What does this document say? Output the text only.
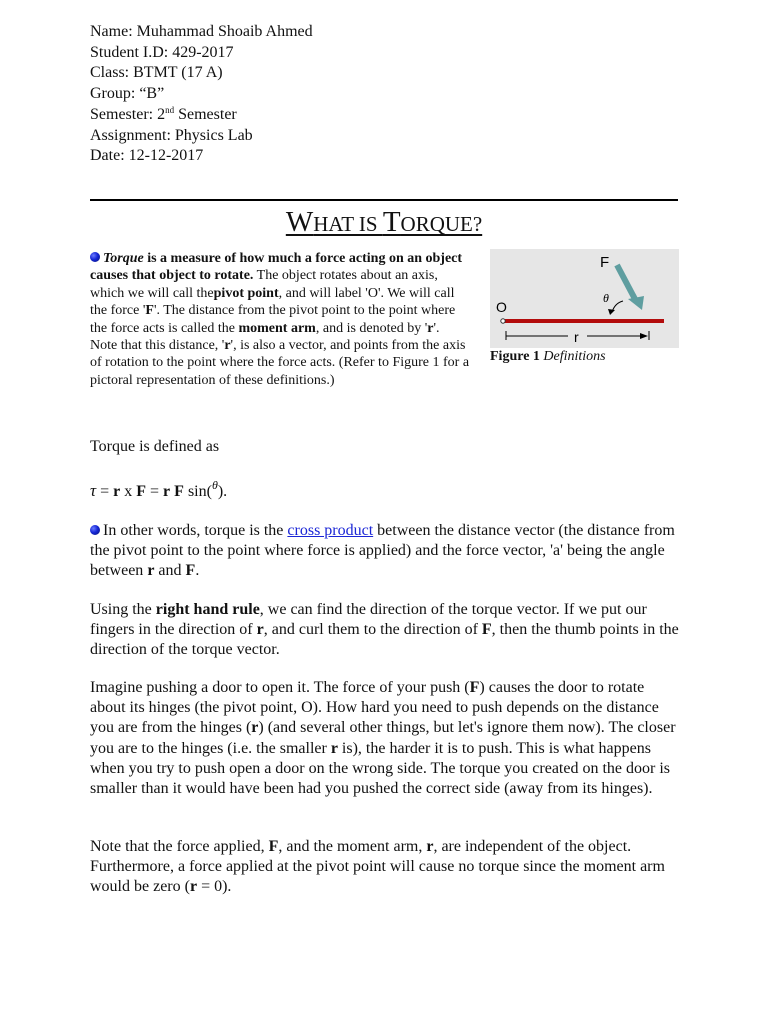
Name: Muhammad Shoaib Ahmed
Student I.D: 429-2017
Class: BTMT (17 A)
Group: “B”
Semester: 2nd Semester
Assignment: Physics Lab
Date: 12-12-2017
WHAT IS TORQUE?
Torque is a measure of how much a force acting on an object causes that object to rotate. The object rotates about an axis, which we will call thepivot point, and will label 'O'. We will call the force 'F'. The distance from the pivot point to the point where the force acts is called the moment arm, and is denoted by 'r'. Note that this distance, 'r', is also a vector, and points from the axis of rotation to the point where the force acts. (Refer to Figure 1 for a pictoral representation of these definitions.)
O
F
θ
r
Figure 1 Definitions
Torque is defined as
τ = r x F = r F sin($^\theta$).
In other words, torque is the cross product between the distance vector (the distance from the pivot point to the point where force is applied) and the force vector, 'a' being the angle between r and F.
Using the right hand rule, we can find the direction of the torque vector. If we put our fingers in the direction of r, and curl them to the direction of F, then the thumb points in the direction of the torque vector.
Imagine pushing a door to open it. The force of your push (F) causes the door to rotate about its hinges (the pivot point, O). How hard you need to push depends on the distance you are from the hinges (r) (and several other things, but let's ignore them now). The closer you are to the hinges (i.e. the smaller r is), the harder it is to push. This is what happens when you try to push open a door on the wrong side. The torque you created on the door is smaller than it would have been had you pushed the correct side (away from its hinges).
Note that the force applied, F, and the moment arm, r, are independent of the object. Furthermore, a force applied at the pivot point will cause no torque since the moment arm would be zero (r = 0).
